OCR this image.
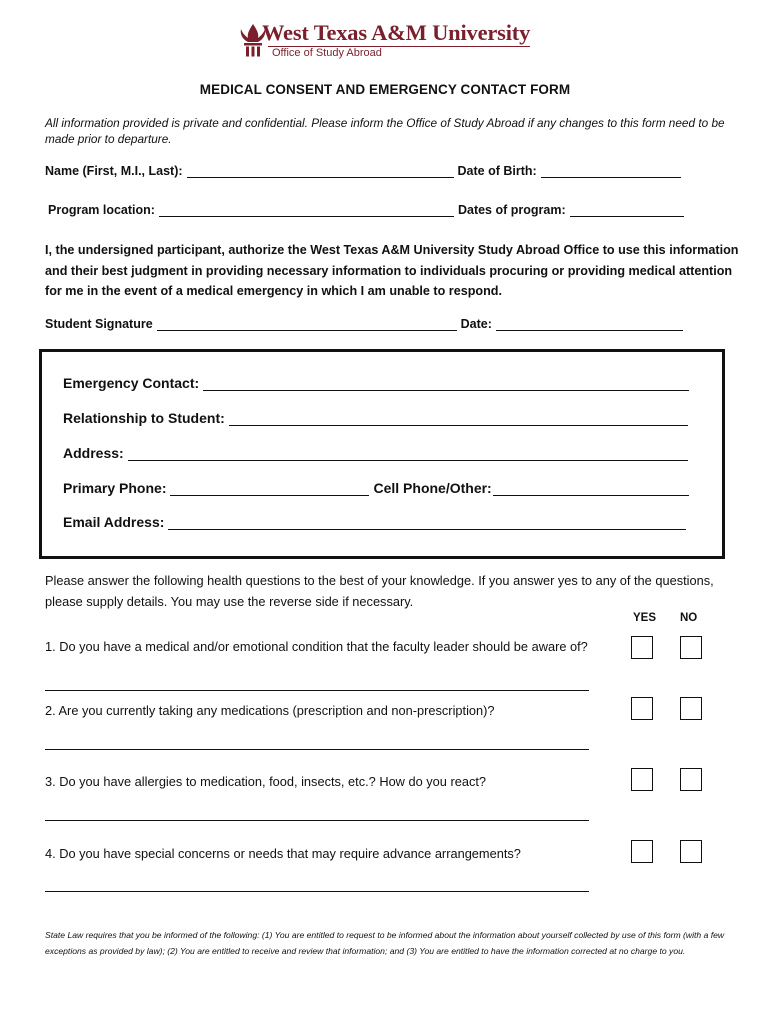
West Texas A&M University
Office of Study Abroad
MEDICAL CONSENT AND EMERGENCY CONTACT FORM
All information provided is private and confidential. Please inform the Office of Study Abroad if any changes to this form need to be made prior to departure.
Name (First, M.I., Last):	Date of Birth:
Program location:	Dates of program:
I, the undersigned participant, authorize the West Texas A&M University Study Abroad Office to use this information and their best judgment in providing necessary information to individuals procuring or providing medical attention for me in the event of a medical emergency in which I am unable to respond.
Student Signature	Date:
Emergency Contact:
Relationship to Student:
Address:
Primary Phone:	Cell Phone/Other:
Email Address:
Please answer the following health questions to the best of your knowledge. If you answer yes to any of the questions, please supply details. You may use the reverse side if necessary.
YES NO
1. Do you have a medical and/or emotional condition that the faculty leader should be aware of?
2. Are you currently taking any medications (prescription and non-prescription)?
3. Do you have allergies to medication, food, insects, etc.? How do you react?
4. Do you have special concerns or needs that may require advance arrangements?
State Law requires that you be informed of the following: (1) You are entitled to request to be informed about the information about yourself collected by use of this form (with a few exceptions as provided by law); (2) You are entitled to receive and review that information; and (3) You are entitled to have the information corrected at no charge to you.
